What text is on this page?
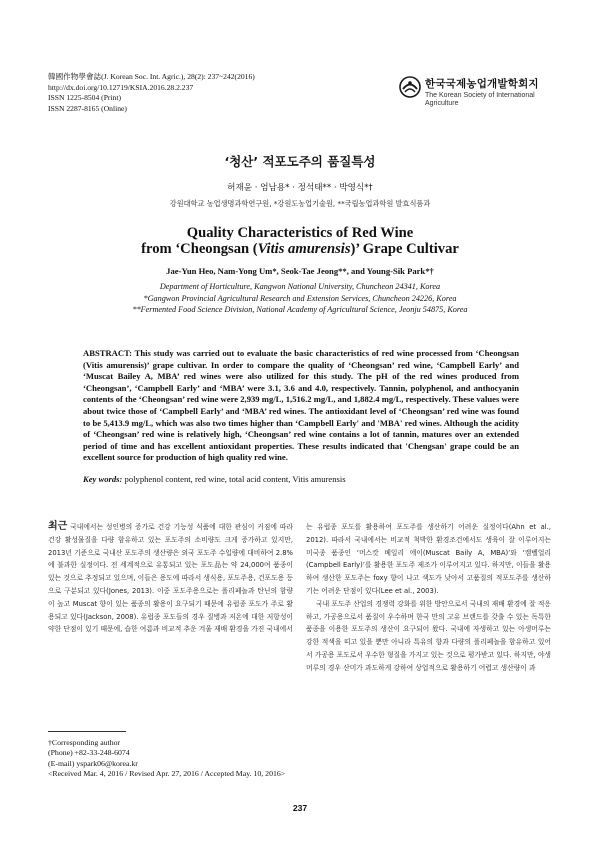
韓國作物學會誌(J. Korean Soc. Int. Agric.), 28(2): 237~242(2016)
http://dx.doi.org/10.12719/KSIA.2016.28.2.237
ISSN 1225-8504 (Print)
ISSN 2287-8165 (Online)
한국국제농업개발학회지
The Korean Society of International
Agriculture
‘청산’ 적포도주의 품질특성
허재윤 · 엄남용* · 정석태** · 박영식*†
강원대학교 농업생명과학연구원, *강원도농업기술원, **국립농업과학원 발효식품과
Quality Characteristics of Red Wine
from ‘Cheongsan (Vitis amurensis)’ Grape Cultivar
Jae-Yun Heo, Nam-Yong Um*, Seok-Tae Jeong**, and Young-Sik Park*†
Department of Horticulture, Kangwon National University, Chuncheon 24341, Korea
*Gangwon Provincial Agricultural Research and Extension Services, Chuncheon 24226, Korea
**Fermented Food Science Division, National Academy of Agricultural Science, Jeonju 54875, Korea
ABSTRACT: This study was carried out to evaluate the basic characteristics of red wine processed from ‘Cheongsan (Vitis amurensis)’ grape cultivar. In order to compare the quality of ‘Cheongsan’ red wine, ‘Campbell Early’ and ‘Muscat Bailey A, MBA’ red wines were also utilized for this study. The pH of the red wines produced from ‘Cheongsan’, ‘Campbell Early’ and ‘MBA’ were 3.1, 3.6 and 4.0, respectively. Tannin, polyphenol, and anthocyanin contents of the ‘Cheongsan’ red wine were 2,939 mg/L, 1,516.2 mg/L, and 1,882.4 mg/L, respectively. These values were about twice those of ‘Campbell Early’ and ‘MBA’ red wines. The antioxidant level of ‘Cheongsan’ red wine was found to be 5,413.9 mg/L, which was also two times higher than ‘Campbell Early' and 'MBA' red wines. Although the acidity of ‘Cheongsan’ red wine is relatively high, ‘Cheongsan’ red wine contains a lot of tannin, matures over an extended period of time and has excellent antioxidant properties. These results indicated that 'Chengsan' grape could be an excellent source for production of high quality red wine.
Key words: polyphenol content, red wine, total acid content, Vitis amurensis

최근 국내에서는 성인병의 증가로 건강 기능성 식품에 대한 관심이 커짐에 따라 건강 활성물질을 다량 함유하고 있는 포도주의 소비량도 크게 증가하고 있지만, 2013년 기준으로 국내산 포도주의 생산량은 외국 포도주 수입량에 대비하여 2.8%에 불과한 실정이다. 전 세계적으로 유통되고 있는 포도品는 약 24,000여 품종이 있는 것으로 추정되고 있으며, 이들은 용도에 따라서 생식용, 포도주용, 건포도용 등으로 구분되고 있다(Jones, 2013). 이중 포도주용으로는 폴리페놀과 탄닌의 함량이 높고 Muscat 향이 있는 품종의 활용이 요구되기 때문에 유럽종 포도가 주로 활용되고 있다(Jackson, 2008). 유럽종 포도들의 경우 질병과 저온에 대한 저항성이 약한 단점이 있기 때문에, 습한 여름과 비교적 추운 겨울 재배 환경을 가진 국내에서

는 유럽종 포도를 활용하여 포도주를 생산하기 어려운 실정이다(Ahn et al., 2012). 따라서 국내에서는 비교적 척박한 환경조건에서도 생육이 잘 이루어지는 미국종 품종인 ‘머스캇 베일리 에이(Muscat Baily A, MBA)’와 ‘캠벨얼리(Campbell Early)’를 활용한 포도주 제조가 이루어지고 있다. 하지만, 이들을 활용하여 생산한 포도주는 foxy 향이 나고 색도가 낮아서 고품질의 적포도주를 생산하기는 어려운 단점이 있다(Lee et al., 2003).

국내 포도주 산업의 경쟁력 강화를 위한 방안으로서 국내의 재배 환경에 잘 적응하고, 가공용으로서 품질이 우수하며 한국 만의 고유 브랜드를 갖출 수 있는 독특한 품종을 이용한 포도주의 생산이 요구되어 왔다. 국내에 자생하고 있는 아생머루는 강한 적색을 띠고 있을 뿐만 아니라 특유의 향과 다량의 폴리페놀을 함유하고 있어서 가공용 포도로서 우수한 형질을 가지고 있는 것으로 평가받고 있다. 하지만, 야생머루의 경우 산미가 과도하게 강하여 상업적으로 활용하기 어렵고 생산량이 과

†Corresponding author
(Phone) +82-33-248-6074
(E-mail) yspark06@korea.kr
<Received Mar. 4, 2016 / Revised Apr. 27, 2016 / Accepted May. 10, 2016>
237
